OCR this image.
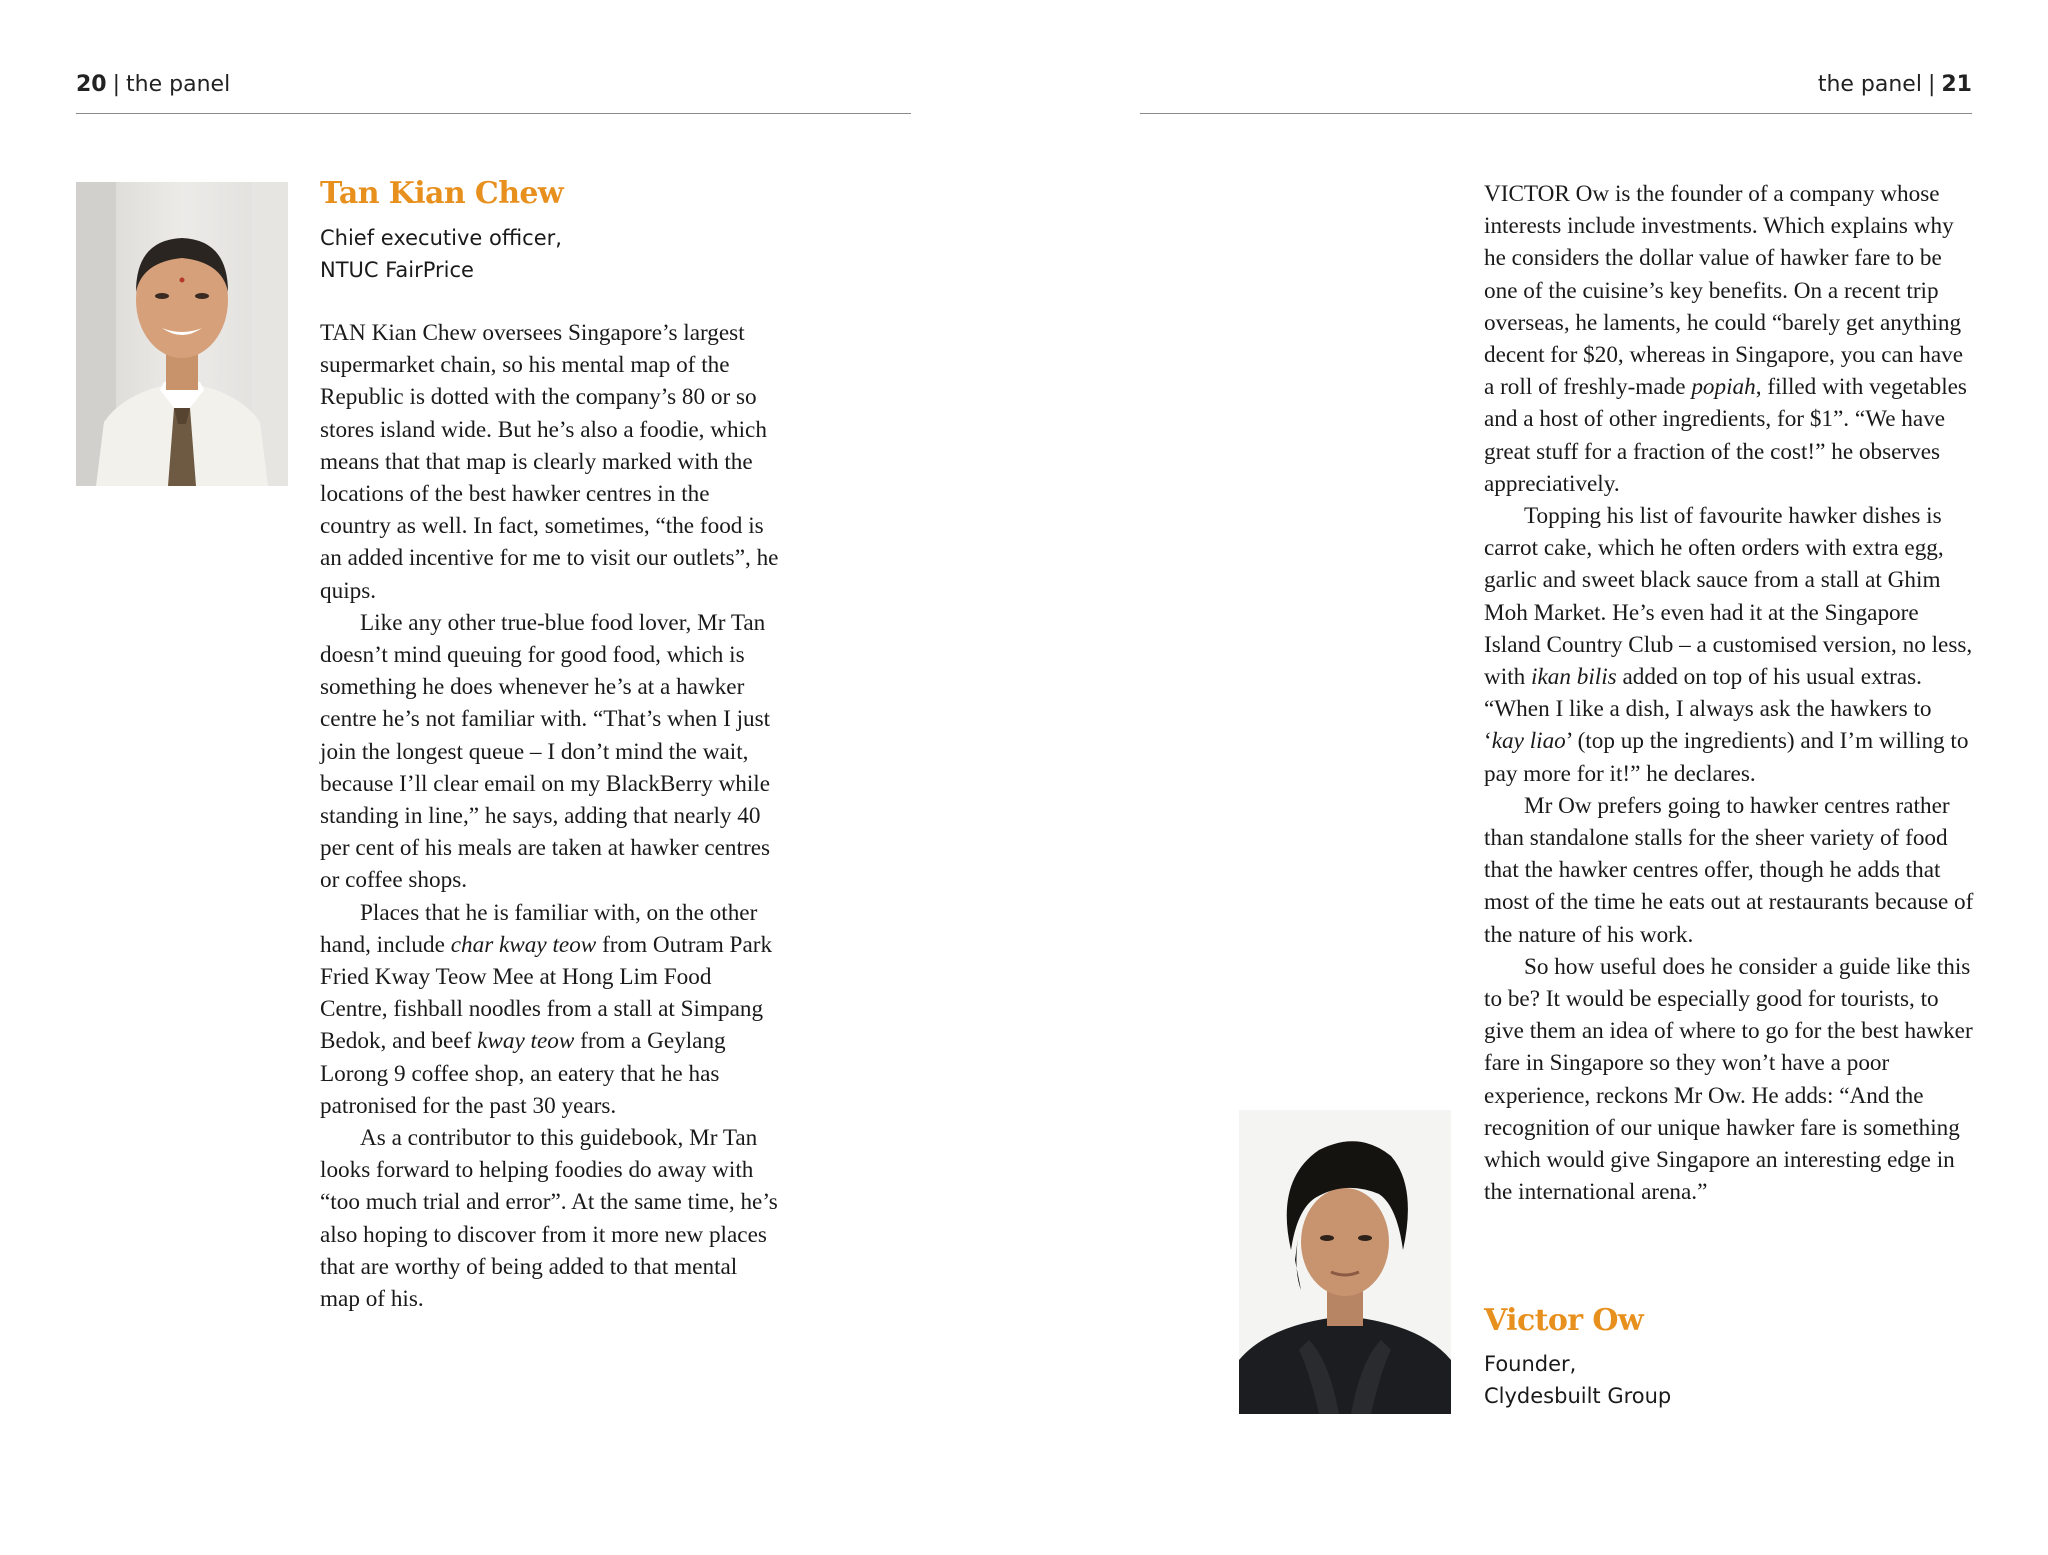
20 | the panel
Tan Kian Chew
Chief executive officer,
NTUC FairPrice

TAN Kian Chew oversees Singapore’s largest supermarket chain, so his mental map of the Republic is dotted with the company’s 80 or so stores island wide. But he’s also a foodie, which means that that map is clearly marked with the locations of the best hawker centres in the country as well. In fact, sometimes, “the food is an added incentive for me to visit our outlets”, he quips.

Like any other true-blue food lover, Mr Tan doesn’t mind queuing for good food, which is something he does whenever he’s at a hawker centre he’s not familiar with. “That’s when I just join the longest queue – I don’t mind the wait, because I’ll clear email on my BlackBerry while standing in line,” he says, adding that nearly 40 per cent of his meals are taken at hawker centres or coffee shops.

Places that he is familiar with, on the other hand, include char kway teow from Outram Park Fried Kway Teow Mee at Hong Lim Food Centre, fishball noodles from a stall at Simpang Bedok, and beef kway teow from a Geylang Lorong 9 coffee shop, an eatery that he has patronised for the past 30 years.

As a contributor to this guidebook, Mr Tan looks forward to helping foodies do away with “too much trial and error”. At the same time, he’s also hoping to discover from it more new places that are worthy of being added to that mental map of his.

the panel | 21

VICTOR Ow is the founder of a company whose interests include investments. Which explains why he considers the dollar value of hawker fare to be one of the cuisine’s key benefits. On a recent trip overseas, he laments, he could “barely get anything decent for $20, whereas in Singapore, you can have a roll of freshly-made popiah, filled with vegetables and a host of other ingredients, for $1”. “We have great stuff for a fraction of the cost!” he observes appreciatively.

Topping his list of favourite hawker dishes is carrot cake, which he often orders with extra egg, garlic and sweet black sauce from a stall at Ghim Moh Market. He’s even had it at the Singapore Island Country Club – a customised version, no less, with ikan bilis added on top of his usual extras. “When I like a dish, I always ask the hawkers to ‘kay liao’ (top up the ingredients) and I’m willing to pay more for it!” he declares.

Mr Ow prefers going to hawker centres rather than standalone stalls for the sheer variety of food that the hawker centres offer, though he adds that most of the time he eats out at restaurants because of the nature of his work.

So how useful does he consider a guide like this to be? It would be especially good for tourists, to give them an idea of where to go for the best hawker fare in Singapore so they won’t have a poor experience, reckons Mr Ow. He adds: “And the recognition of our unique hawker fare is something which would give Singapore an interesting edge in the international arena.”

Victor Ow
Founder,
Clydesbuilt Group
